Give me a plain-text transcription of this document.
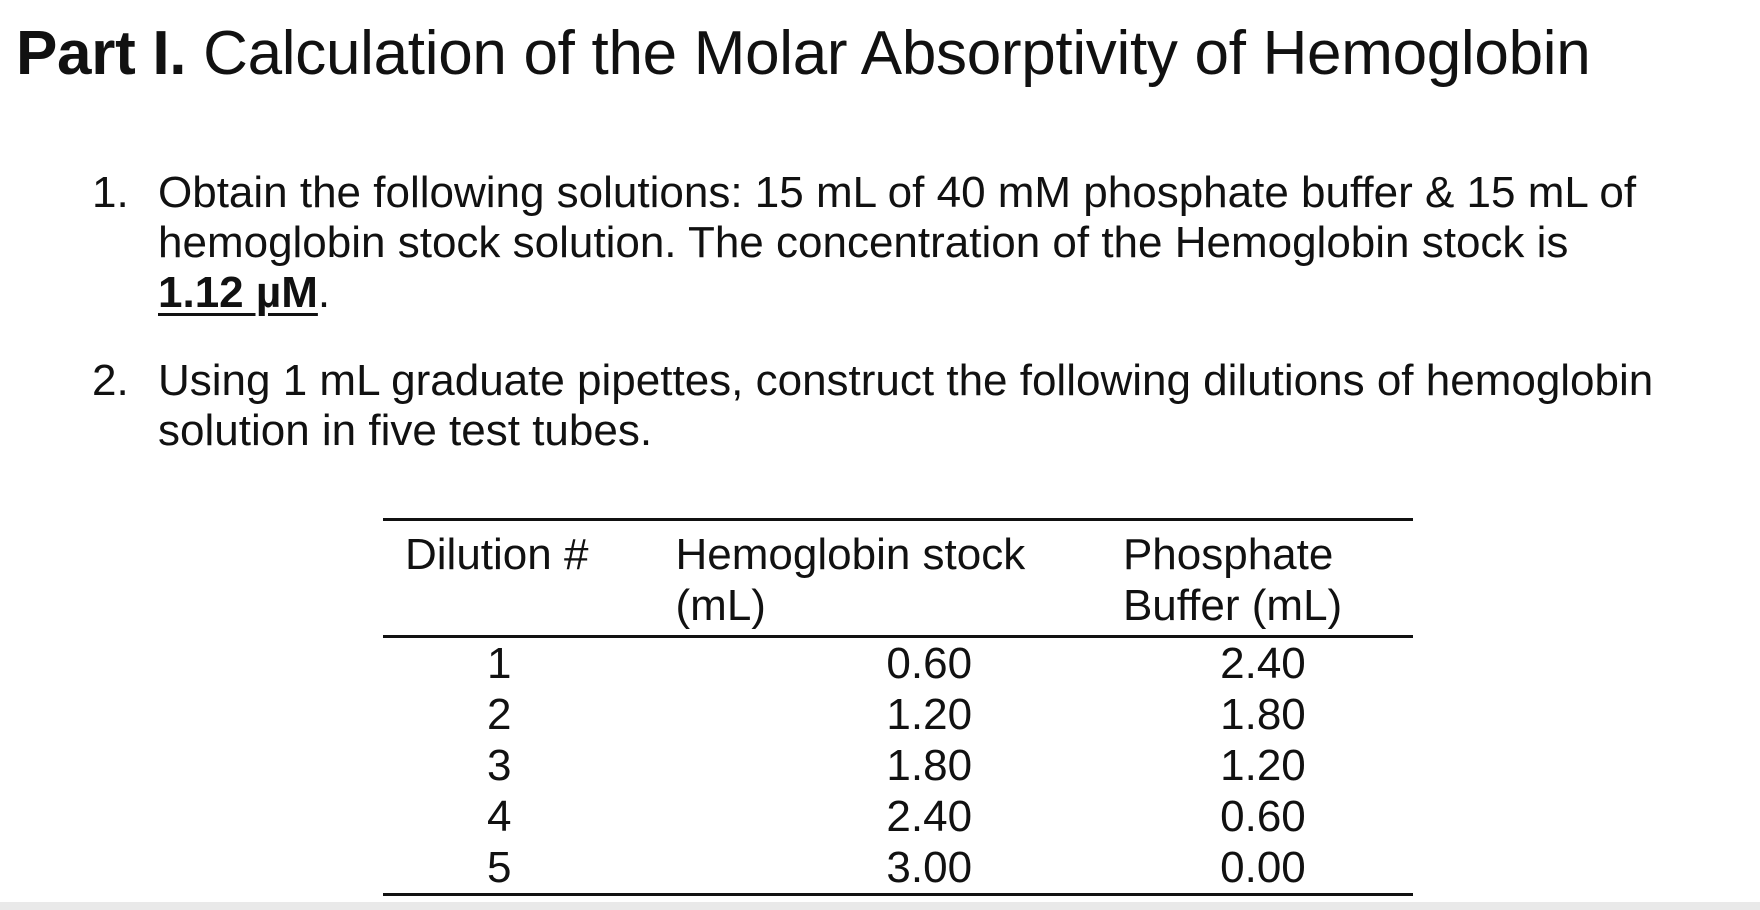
Part I. Calculation of the Molar Absorptivity of Hemoglobin
1. Obtain the following solutions: 15 mL of 40 mM phosphate buffer & 15 mL of
hemoglobin stock solution. The concentration of the Hemoglobin stock is
1.12 µM.
2. Using 1 mL graduate pipettes, construct the following dilutions of hemoglobin
solution in five test tubes.
Dilution #	Hemoglobin stock (mL)	Phosphate
Buffer (mL)

1	0.60	2.40
2	1.20	1.80
3	1.80	1.20
4	2.40	0.60
5	3.00	0.00
